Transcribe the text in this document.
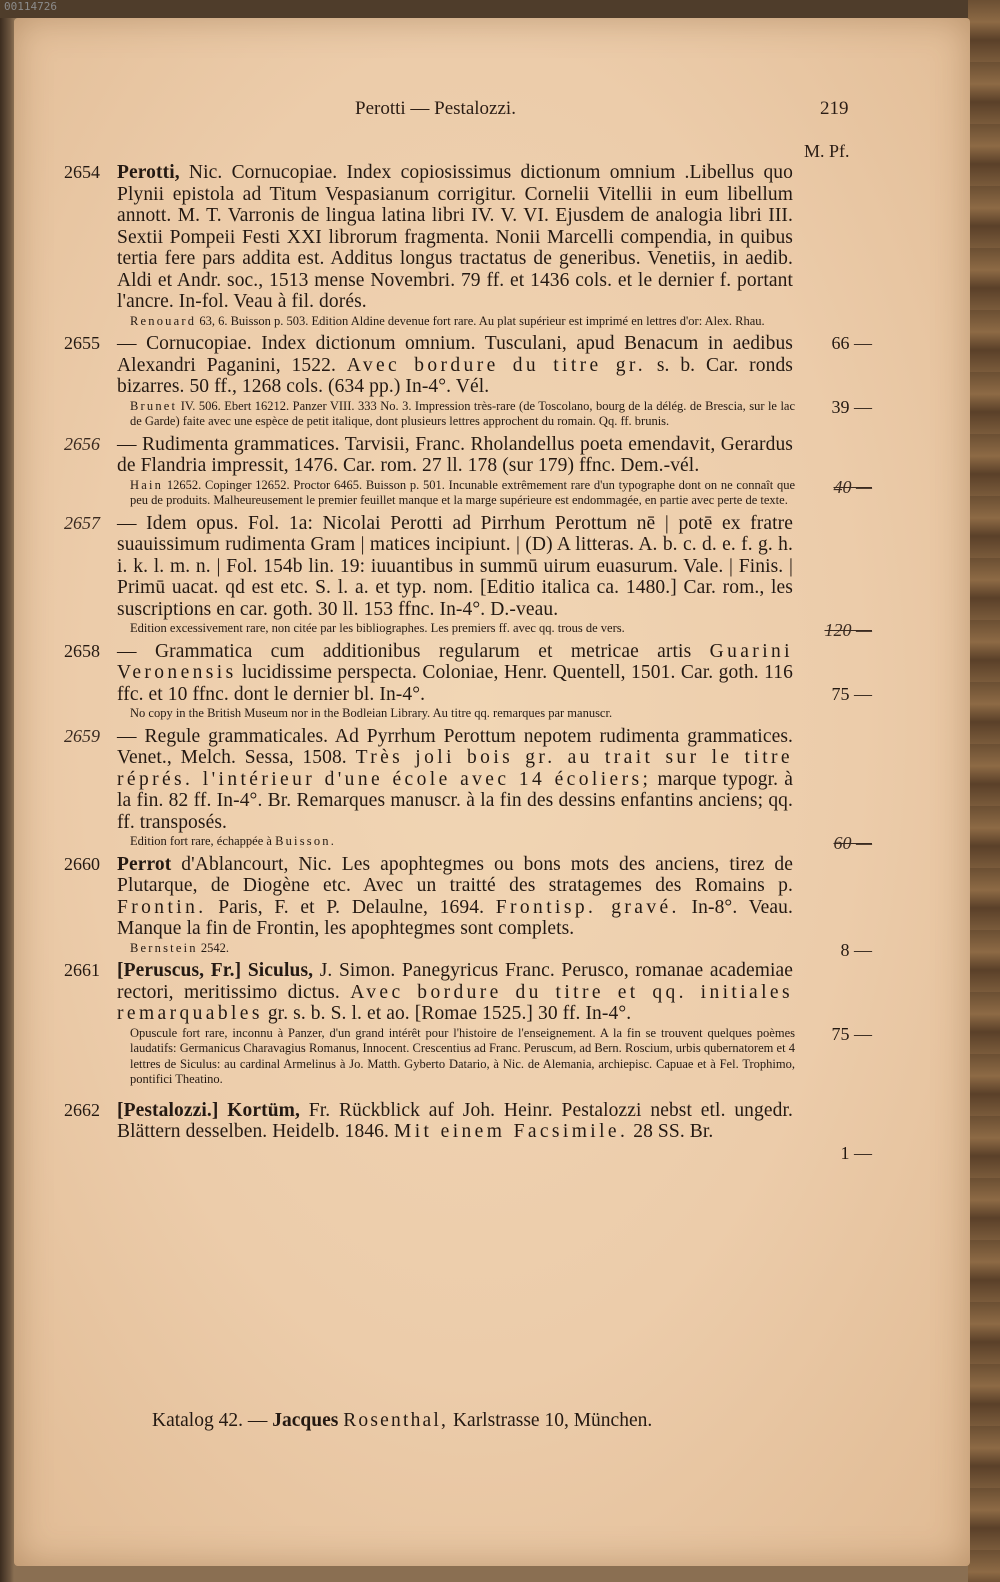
00114726
Perotti — Pestalozzi.	219
M. Pf.
2654 Perotti, Nic. Cornucopiae. Index copiosissimus dictionum omnium .Libellus quo Plynii epistola ad Titum Vespasianum corrigitur. Cornelii Vitellii in eum libellum annott. M. T. Varronis de lingua latina libri IV. V. VI. Ejusdem de analogia libri III. Sextii Pompeii Festi XXI librorum fragmenta. Nonii Marcelli compendia, in quibus tertia fere pars addita est. Additus longus tractatus de generibus. Venetiis, in aedib. Aldi et Andr. soc., 1513 mense Novembri. 79 ff. et 1436 cols. et le dernier f. portant l'ancre. In-fol. Veau à fil. dorés.
66 —
Renouard 63, 6. Buisson p. 503. Edition Aldine devenue fort rare. Au plat supérieur est imprimé en lettres d'or: Alex. Rhau.
2655 — Cornucopiae. Index dictionum omnium. Tusculani, apud Benacum in aedibus Alexandri Paganini, 1522. Avec bordure du titre gr. s. b. Car. ronds bizarres. 50 ff., 1268 cols. (634 pp.) In-4°. Vél.
39 —
Brunet IV. 506. Ebert 16212. Panzer VIII. 333 No. 3. Impression très-rare (de Toscolano, bourg de la délég. de Brescia, sur le lac de Garde) faite avec une espèce de petit italique, dont plusieurs lettres approchent du romain. Qq. ff. brunis.
2656 — Rudimenta grammatices. Tarvisii, Franc. Rholandellus poeta emendavit, Gerardus de Flandria impressit, 1476. Car. rom. 27 ll. 178 (sur 179) ffnc. Dem.-vél.
40 —
Hain 12652. Copinger 12652. Proctor 6465. Buisson p. 501. Incunable extrêmement rare d'un typographe dont on ne connaît que peu de produits. Malheureusement le premier feuillet manque et la marge supérieure est endommagée, en partie avec perte de texte.
2657 — Idem opus. Fol. 1a: Nicolai Perotti ad Pirrhum Perottum nē | potē ex fratre suauissimum rudimenta Gram | matices incipiunt. | (D) A litteras. A. b. c. d. e. f. g. h. i. k. l. m. n. | Fol. 154b lin. 19: iuuantibus in summū uirum euasurum. Vale. | Finis. | Primū uacat. qd est etc. S. l. a. et typ. nom. [Editio italica ca. 1480.] Car. rom., les suscriptions en car. goth. 30 ll. 153 ffnc. In-4°. D.-veau.
120 —
Edition excessivement rare, non citée par les bibliographes. Les premiers ff. avec qq. trous de vers.
2658 — Grammatica cum additionibus regularum et metricae artis Guarini Veronensis lucidissime perspecta. Coloniae, Henr. Quentell, 1501. Car. goth. 116 ffc. et 10 ffnc. dont le dernier bl. In-4°.	75 —
No copy in the British Museum nor in the Bodleian Library. Au titre qq. remarques par manuscr.
2659 — Regule grammaticales. Ad Pyrrhum Perottum nepotem rudimenta grammatices. Venet., Melch. Sessa, 1508. Très joli bois gr. au trait sur le titre réprés. l'intérieur d'une école avec 14 écoliers; marque typogr. à la fin. 82 ff. In-4°. Br. Remarques manuscr. à la fin des dessins enfantins anciens; qq. ff. transposés.
60 —
Edition fort rare, échappée à Buisson.
2660 Perrot d'Ablancourt, Nic. Les apophtegmes ou bons mots des anciens, tirez de Plutarque, de Diogène etc. Avec un traitté des stratagemes des Romains p. Frontin. Paris, F. et P. Delaulne, 1694. Frontisp. gravé. In-8°. Veau. Manque la fin de Frontin, les apophtegmes sont complets.
8 —
Bernstein 2542.
2661 [Peruscus, Fr.] Siculus, J. Simon. Panegyricus Franc. Perusco, romanae academiae rectori, meritissimo dictus. Avec bordure du titre et qq. initiales remarquables gr. s. b. S. l. et ao. [Romae 1525.] 30 ff. In-4°.
75 —
Opuscule fort rare, inconnu à Panzer, d'un grand intérêt pour l'histoire de l'enseignement. A la fin se trouvent quelques poèmes laudatifs: Germanicus Charavagius Romanus, Innocent. Crescentius ad Franc. Peruscum, ad Bern. Roscium, urbis qubernatorem et 4 lettres de Siculus: au cardinal Armelinus à Jo. Matth. Gyberto Datario, à Nic. de Alemania, archiepisc. Capuae et à Fel. Trophimo, pontifici Theatino.
2662 [Pestalozzi.] Kortüm, Fr. Rückblick auf Joh. Heinr. Pestalozzi nebst etl. ungedr. Blättern desselben. Heidelb. 1846. Mit einem Facsimile. 28 SS. Br.
1 —
Katalog 42. — Jacques Rosenthal, Karlstrasse 10, München.
